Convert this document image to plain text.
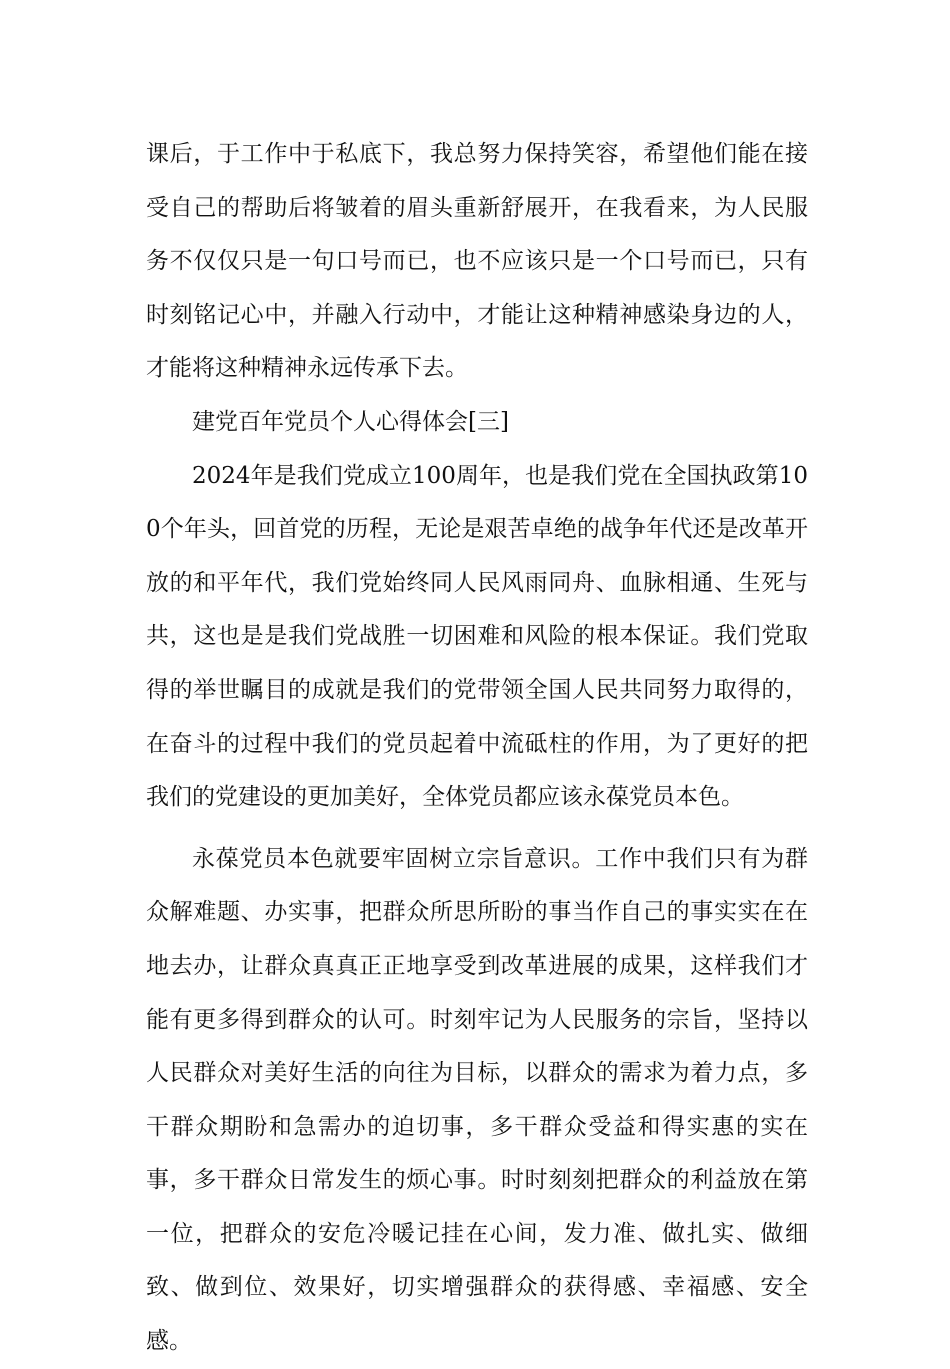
课后，于工作中于私底下，我总努力保持笑容，希望他们能在接受自己的帮助后将皱着的眉头重新舒展开，在我看来，为人民服务不仅仅只是一句口号而已，也不应该只是一个口号而已，只有时刻铭记心中，并融入行动中，才能让这种精神感染身边的人，才能将这种精神永远传承下去。

建党百年党员个人心得体会[三]

2024年是我们党成立100周年，也是我们党在全国执政第100个年头，回首党的历程，无论是艰苦卓绝的战争年代还是改革开放的和平年代，我们党始终同人民风雨同舟、血脉相通、生死与共，这也是是我们党战胜一切困难和风险的根本保证。我们党取得的举世瞩目的成就是我们的党带领全国人民共同努力取得的，在奋斗的过程中我们的党员起着中流砥柱的作用，为了更好的把我们的党建设的更加美好，全体党员都应该永葆党员本色。

永葆党员本色就要牢固树立宗旨意识。工作中我们只有为群众解难题、办实事，把群众所思所盼的事当作自己的事实实在在地去办，让群众真真正正地享受到改革进展的成果，这样我们才能有更多得到群众的认可。时刻牢记为人民服务的宗旨，坚持以人民群众对美好生活的向往为目标，以群众的需求为着力点，多干群众期盼和急需办的迫切事，多干群众受益和得实惠的实在事，多干群众日常发生的烦心事。时时刻刻把群众的利益放在第一位，把群众的安危冷暖记挂在心间，发力准、做扎实、做细致、做到位、效果好，切实增强群众的获得感、幸福感、安全感。
